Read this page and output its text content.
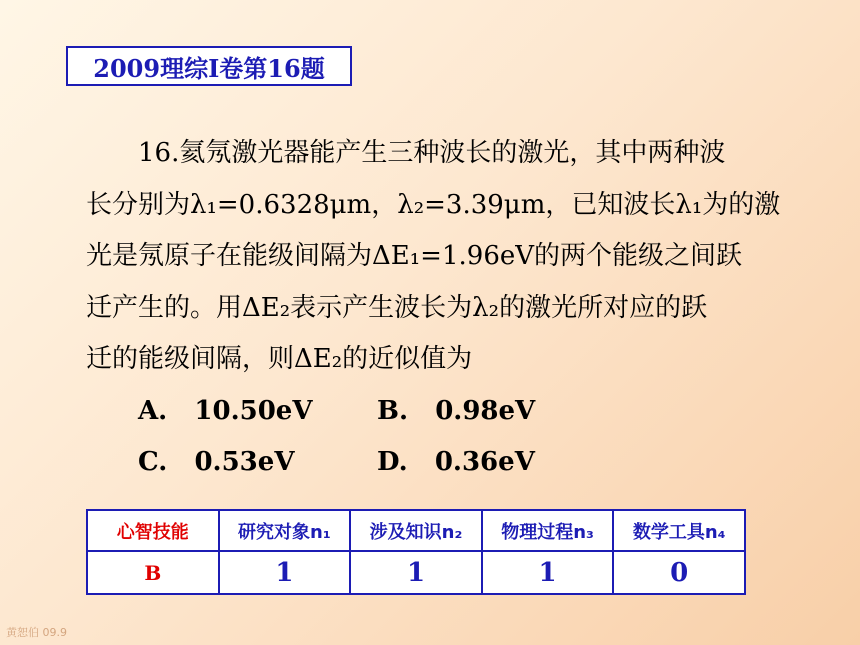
2009理综Ⅰ卷第16题
16.氦氖激光器能产生三种波长的激光，其中两种波
长分别为λ₁=0.6328μm，λ₂=3.39μm，已知波长λ₁为的激
光是氖原子在能级间隔为ΔE₁=1.96eV的两个能级之间跃
迁产生的。用ΔE₂表示产生波长为λ₂的激光所对应的跃
迁的能级间隔，则ΔE₂的近似值为
A. 10.50eV	B. 0.98eV
C. 0.53eV	D. 0.36eV
心智技能	研究对象n₁	涉及知识n₂	物理过程n₃	数学工具n₄
B	1	1	1	0
黄恕伯 09.9
